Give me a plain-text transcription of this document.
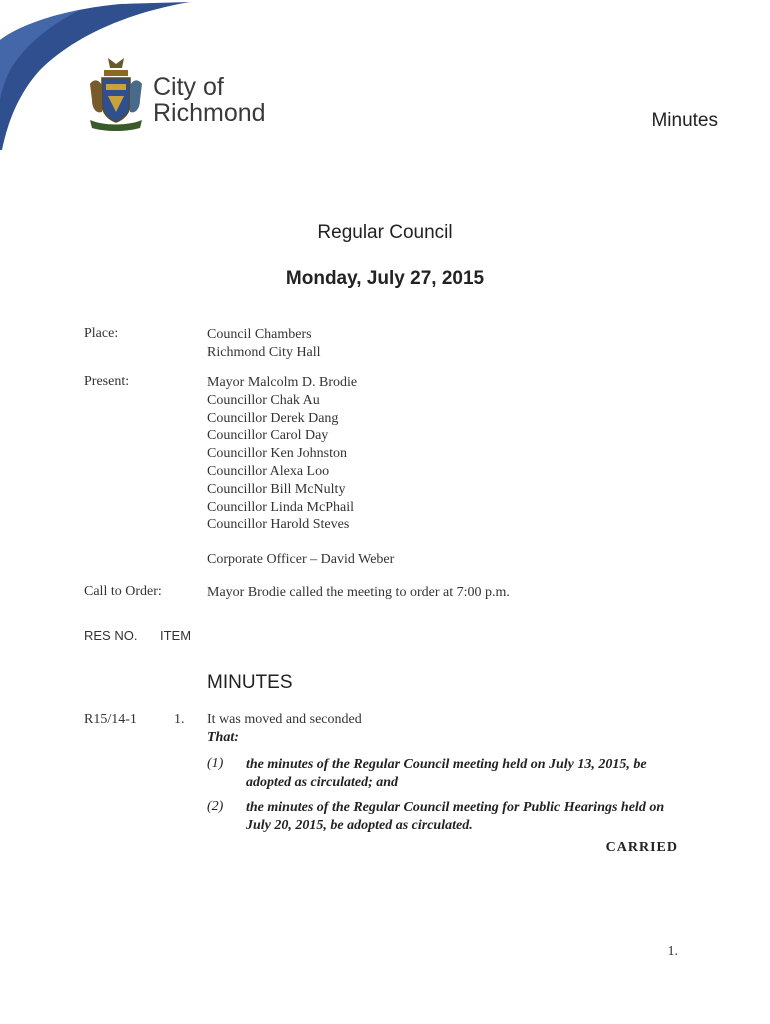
City of
Richmond	Minutes
Regular Council
Monday, July 27, 2015
Place:	Council Chambers
Richmond City Hall
Present:	Mayor Malcolm D. Brodie
Councillor Chak Au
Councillor Derek Dang
Councillor Carol Day
Councillor Ken Johnston
Councillor Alexa Loo
Councillor Bill McNulty
Councillor Linda McPhail
Councillor Harold Steves
Corporate Officer – David Weber
Call to Order:	Mayor Brodie called the meeting to order at 7:00 p.m.
RES NO. ITEM
MINUTES
R15/14-1	1. It was moved and seconded
That:
(1) the minutes of the Regular Council meeting held on July 13, 2015, be adopted as circulated; and
(2) the minutes of the Regular Council meeting for Public Hearings held on July 20, 2015, be adopted as circulated.
CARRIED
1.
